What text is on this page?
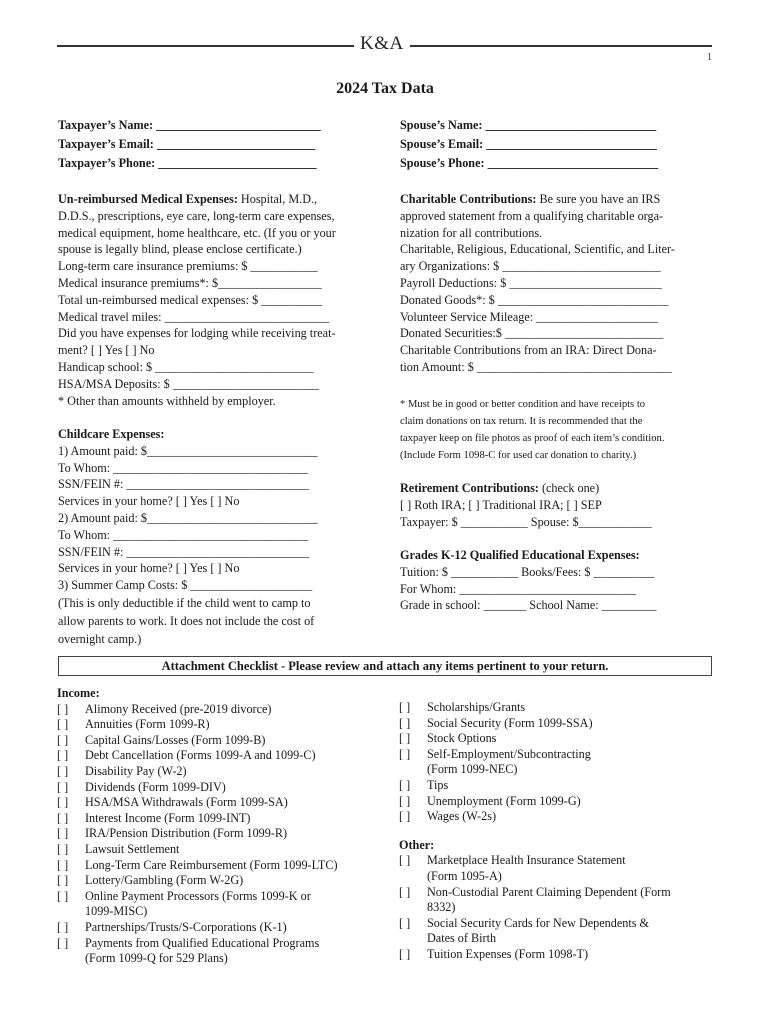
K&A
1
2024 Tax Data
Taxpayer’s Name: ___________________________
Taxpayer’s Email: __________________________
Taxpayer’s Phone: __________________________
Spouse’s Name: ____________________________
Spouse’s Email: ____________________________
Spouse’s Phone: ____________________________
Un-reimbursed Medical Expenses: Hospital, M.D.,
D.D.S., prescriptions, eye care, long-term care expenses,
medical equipment, home healthcare, etc. (If you or your
spouse is legally blind, please enclose certificate.)
Long-term care insurance premiums: $ ___________
Medical insurance premiums*: $_________________
Total un-reimbursed medical expenses: $ __________
Medical travel miles: ___________________________
Did you have expenses for lodging while receiving treat-
ment? [ ] Yes [ ] No
Handicap school: $ __________________________
HSA/MSA Deposits: $ ________________________
* Other than amounts withheld by employer.
Childcare Expenses:
1) Amount paid: $____________________________
To Whom: ________________________________
SSN/FEIN #: ______________________________
Services in your home? [ ] Yes [ ] No
2) Amount paid: $____________________________
To Whom: ________________________________
SSN/FEIN #: ______________________________
Services in your home? [ ] Yes [ ] No
3) Summer Camp Costs: $ ____________________
(This is only deductible if the child went to camp to
allow parents to work. It does not include the cost of
overnight camp.)
Charitable Contributions: Be sure you have an IRS
approved statement from a qualifying charitable orga-
nization for all contributions.
Charitable, Religious, Educational, Scientific, and Liter-
ary Organizations: $ __________________________
Payroll Deductions: $ _________________________
Donated Goods*: $ ____________________________
Volunteer Service Mileage: ____________________
Donated Securities:$ __________________________
Charitable Contributions from an IRA: Direct Dona-
tion Amount: $ ________________________________
* Must be in good or better condition and have receipts to
claim donations on tax return. It is recommended that the
taxpayer keep on file photos as proof of each item’s condition.
(Include Form 1098-C for used car donation to charity.)
Retirement Contributions: (check one)
[ ] Roth IRA; [ ] Traditional IRA; [ ] SEP
Taxpayer: $ ___________ Spouse: $____________
Grades K-12 Qualified Educational Expenses:
Tuition: $ ___________ Books/Fees: $ __________
For Whom: _____________________________
Grade in school: _______ School Name: _________
Attachment Checklist - Please review and attach any items pertinent to your return.
Income:
[ ] Alimony Received (pre-2019 divorce)
[ ] Annuities (Form 1099-R)
[ ] Capital Gains/Losses (Form 1099-B)
[ ] Debt Cancellation (Forms 1099-A and 1099-C)
[ ] Disability Pay (W-2)
[ ] Dividends (Form 1099-DIV)
[ ] HSA/MSA Withdrawals (Form 1099-SA)
[ ] Interest Income (Form 1099-INT)
[ ] IRA/Pension Distribution (Form 1099-R)
[ ] Lawsuit Settlement
[ ] Long-Term Care Reimbursement (Form 1099-LTC)
[ ] Lottery/Gambling (Form W-2G)
[ ] Online Payment Processors (Forms 1099-K or
1099-MISC)
[ ] Partnerships/Trusts/S-Corporations (K-1)
[ ] Payments from Qualified Educational Programs
(Form 1099-Q for 529 Plans)
[ ] Scholarships/Grants
[ ] Social Security (Form 1099-SSA)
[ ] Stock Options
[ ] Self-Employment/Subcontracting
(Form 1099-NEC)
[ ] Tips
[ ] Unemployment (Form 1099-G)
[ ] Wages (W-2s)
Other:
[ ] Marketplace Health Insurance Statement
(Form 1095-A)
[ ] Non-Custodial Parent Claiming Dependent (Form
8332)
[ ] Social Security Cards for New Dependents &
Dates of Birth
[ ] Tuition Expenses (Form 1098-T)
